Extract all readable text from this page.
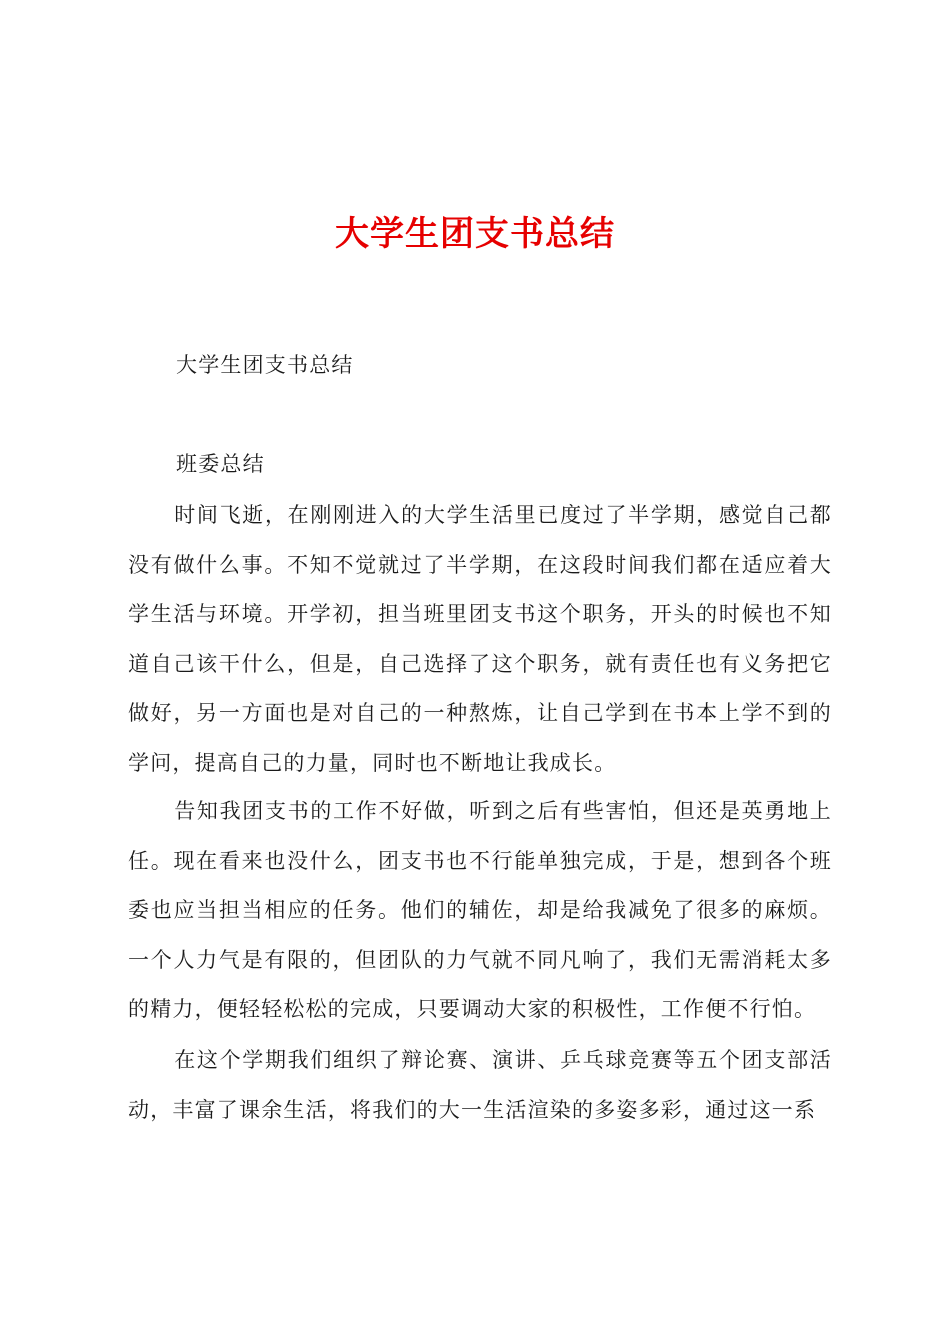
大学生团支书总结
大学生团支书总结
班委总结

时间飞逝，在刚刚进入的大学生活里已度过了半学期，感觉自己都没有做什么事。不知不觉就过了半学期，在这段时间我们都在适应着大学生活与环境。开学初，担当班里团支书这个职务，开头的时候也不知道自己该干什么，但是，自己选择了这个职务，就有责任也有义务把它做好，另一方面也是对自己的一种熬炼，让自己学到在书本上学不到的学问，提高自己的力量，同时也不断地让我成长。

告知我团支书的工作不好做，听到之后有些害怕，但还是英勇地上任。现在看来也没什么，团支书也不行能单独完成，于是，想到各个班委也应当担当相应的任务。他们的辅佐，却是给我减免了很多的麻烦。一个人力气是有限的，但团队的力气就不同凡响了，我们无需消耗太多的精力，便轻轻松松的完成，只要调动大家的积极性，工作便不行怕。

在这个学期我们组织了辩论赛、演讲、乒乓球竞赛等五个团支部活动，丰富了课余生活，将我们的大一生活渲染的多姿多彩，通过这一系
